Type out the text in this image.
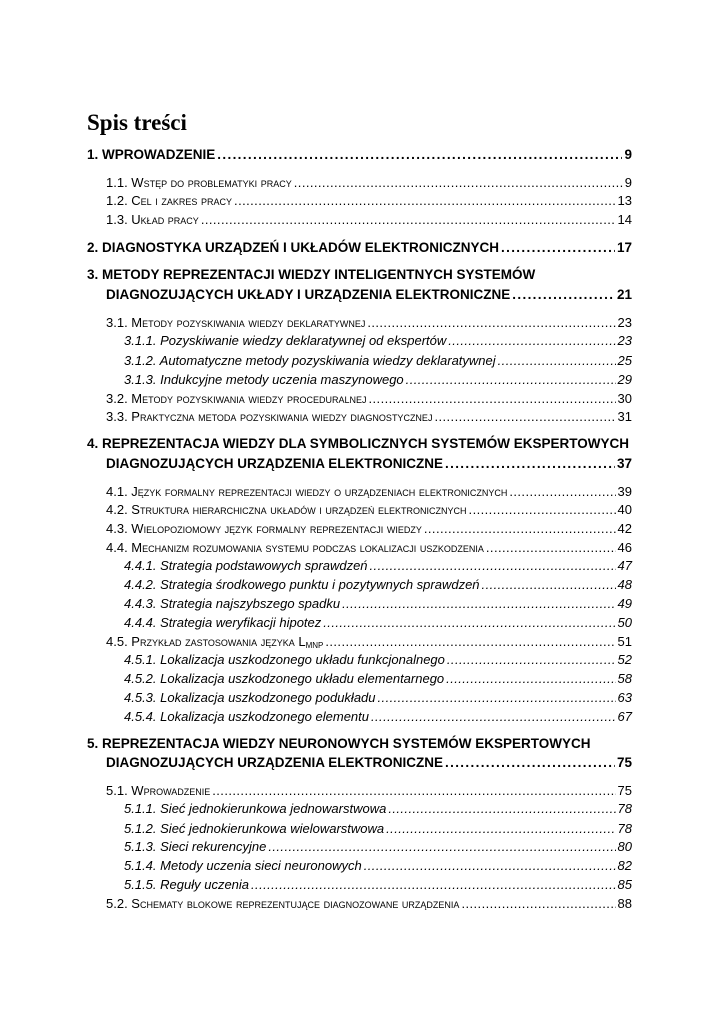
Spis treści
1. WPROWADZENIE . . .	9
1.1. Wstęp do problematyki pracy . . .	9
1.2. Cel i zakres pracy . . .	13
1.3. Układ pracy . . .	14
2. DIAGNOSTYKA URZĄDZEŃ I UKŁADÓW ELEKTRONICZNYCH . . .	17
3. METODY REPREZENTACJI WIEDZY INTELIGENTNYCH SYSTEMÓW
DIAGNOZUJĄCYCH UKŁADY I URZĄDZENIA ELEKTRONICZNE . . .	21
3.1. Metody pozyskiwania wiedzy deklaratywnej . . .	23
3.1.1. Pozyskiwanie wiedzy deklaratywnej od ekspertów . . .	23
3.1.2. Automatyczne metody pozyskiwania wiedzy deklaratywnej . . .	25
3.1.3. Indukcyjne metody uczenia maszynowego . . .	29
3.2. Metody pozyskiwania wiedzy proceduralnej . . .	30
3.3. Praktyczna metoda pozyskiwania wiedzy diagnostycznej . . .	31
4. REPREZENTACJA WIEDZY DLA SYMBOLICZNYCH SYSTEMÓW EKSPERTOWYCH
DIAGNOZUJĄCYCH URZĄDZENIA ELEKTRONICZNE . . .	37
4.1. Język formalny reprezentacji wiedzy o urządzeniach elektronicznych . . .	39
4.2. Struktura hierarchiczna układów i urządzeń elektronicznych . . .	40
4.3. Wielopoziomowy język formalny reprezentacji wiedzy . . .	42
4.4. Mechanizm rozumowania systemu podczas lokalizacji uszkodzenia . . .	46
4.4.1. Strategia podstawowych sprawdzeń . . .	47
4.4.2. Strategia środkowego punktu i pozytywnych sprawdzeń . . .	48
4.4.3. Strategia najszybszego spadku . . .	49
4.4.4. Strategia weryfikacji hipotez . . .	50
4.5. Przykład zastosowania języka $L_{MNP}$ . . .	51
4.5.1. Lokalizacja uszkodzonego układu funkcjonalnego . . .	52
4.5.2. Lokalizacja uszkodzonego układu elementarnego . . .	58
4.5.3. Lokalizacja uszkodzonego podukładu . . .	63
4.5.4. Lokalizacja uszkodzonego elementu . . .	67
5. REPREZENTACJA WIEDZY NEURONOWYCH SYSTEMÓW EKSPERTOWYCH
DIAGNOZUJĄCYCH URZĄDZENIA ELEKTRONICZNE . . .	75
5.1. Wprowadzenie . . .	75
5.1.1. Sieć jednokierunkowa jednowarstwowa . . .	78
5.1.2. Sieć jednokierunkowa wielowarstwowa . . .	78
5.1.3. Sieci rekurencyjne . . .	80
5.1.4. Metody uczenia sieci neuronowych . . .	82
5.1.5. Reguły uczenia . . .	85
5.2. Schematy blokowe reprezentujące diagnozowane urządzenia . . .	88
